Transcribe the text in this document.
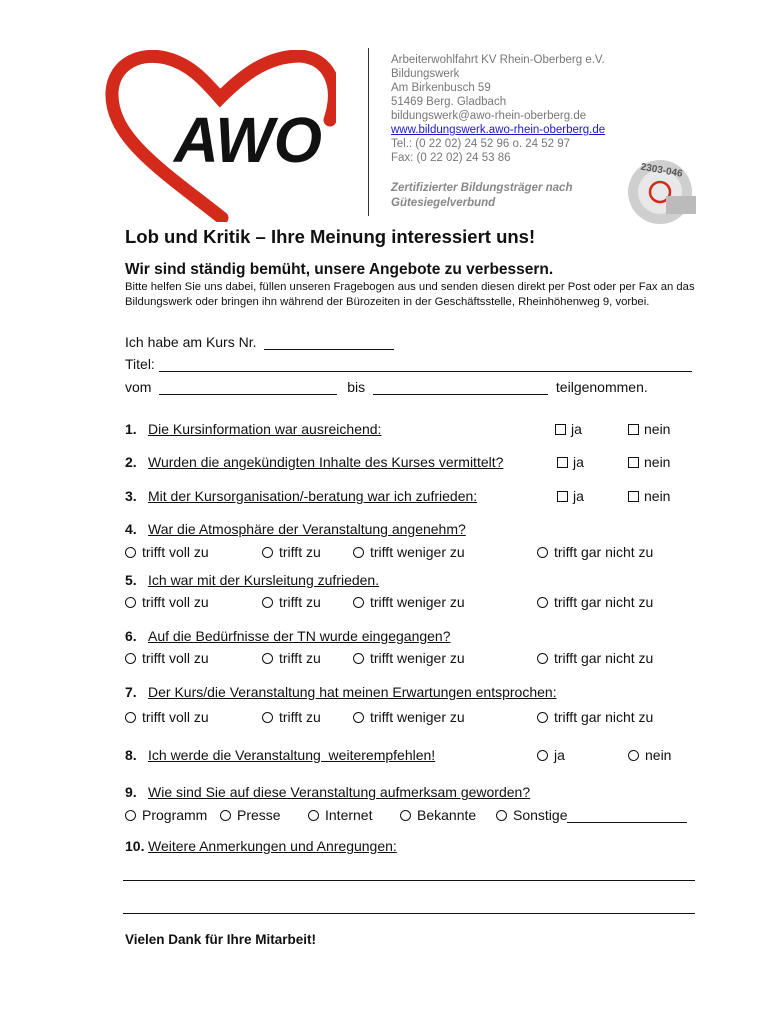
AWO
Arbeiterwohlfahrt KV Rhein-Oberberg e.V.
Bildungswerk
Am Birkenbusch 59
51469 Berg. Gladbach
bildungswerk@awo-rhein-oberberg.de
www.bildungswerk.awo-rhein-oberberg.de
Tel.: (0 22 02) 24 52 96 o. 24 52 97
Fax: (0 22 02) 24 53 86
Zertifizierter Bildungsträger nach
Gütesiegelverbund
2303-046
Lob und Kritik – Ihre Meinung interessiert uns!
Wir sind ständig bemüht, unsere Angebote zu verbessern.
Bitte helfen Sie uns dabei, füllen unseren Fragebogen aus und senden diesen direkt per Post oder per Fax an das Bildungswerk oder bringen ihn während der Bürozeiten in der Geschäftsstelle, Rheinhöhenweg 9, vorbei.
Ich habe am Kurs Nr.
Titel:
vom	bis	teilgenommen.
1. Die Kursinformation war ausreichend:	ja	nein
2. Wurden die angekündigten Inhalte des Kurses vermittelt?	ja	nein
3. Mit der Kursorganisation/-beratung war ich zufrieden:	ja	nein
4. War die Atmosphäre der Veranstaltung angenehm?
trifft voll zu	trifft zu	trifft weniger zu	trifft gar nicht zu
5. Ich war mit der Kursleitung zufrieden.
trifft voll zu	trifft zu	trifft weniger zu	trifft gar nicht zu
6. Auf die Bedürfnisse der TN wurde eingegangen?
trifft voll zu	trifft zu	trifft weniger zu	trifft gar nicht zu
7. Der Kurs/die Veranstaltung hat meinen Erwartungen entsprochen:
trifft voll zu	trifft zu	trifft weniger zu	trifft gar nicht zu
8. Ich werde die Veranstaltung  weiterempfehlen!	ja	nein
9. Wie sind Sie auf diese Veranstaltung aufmerksam geworden?
Programm	Presse	Internet	Bekannte	Sonstige
10. Weitere Anmerkungen und Anregungen:
Vielen Dank für Ihre Mitarbeit!
